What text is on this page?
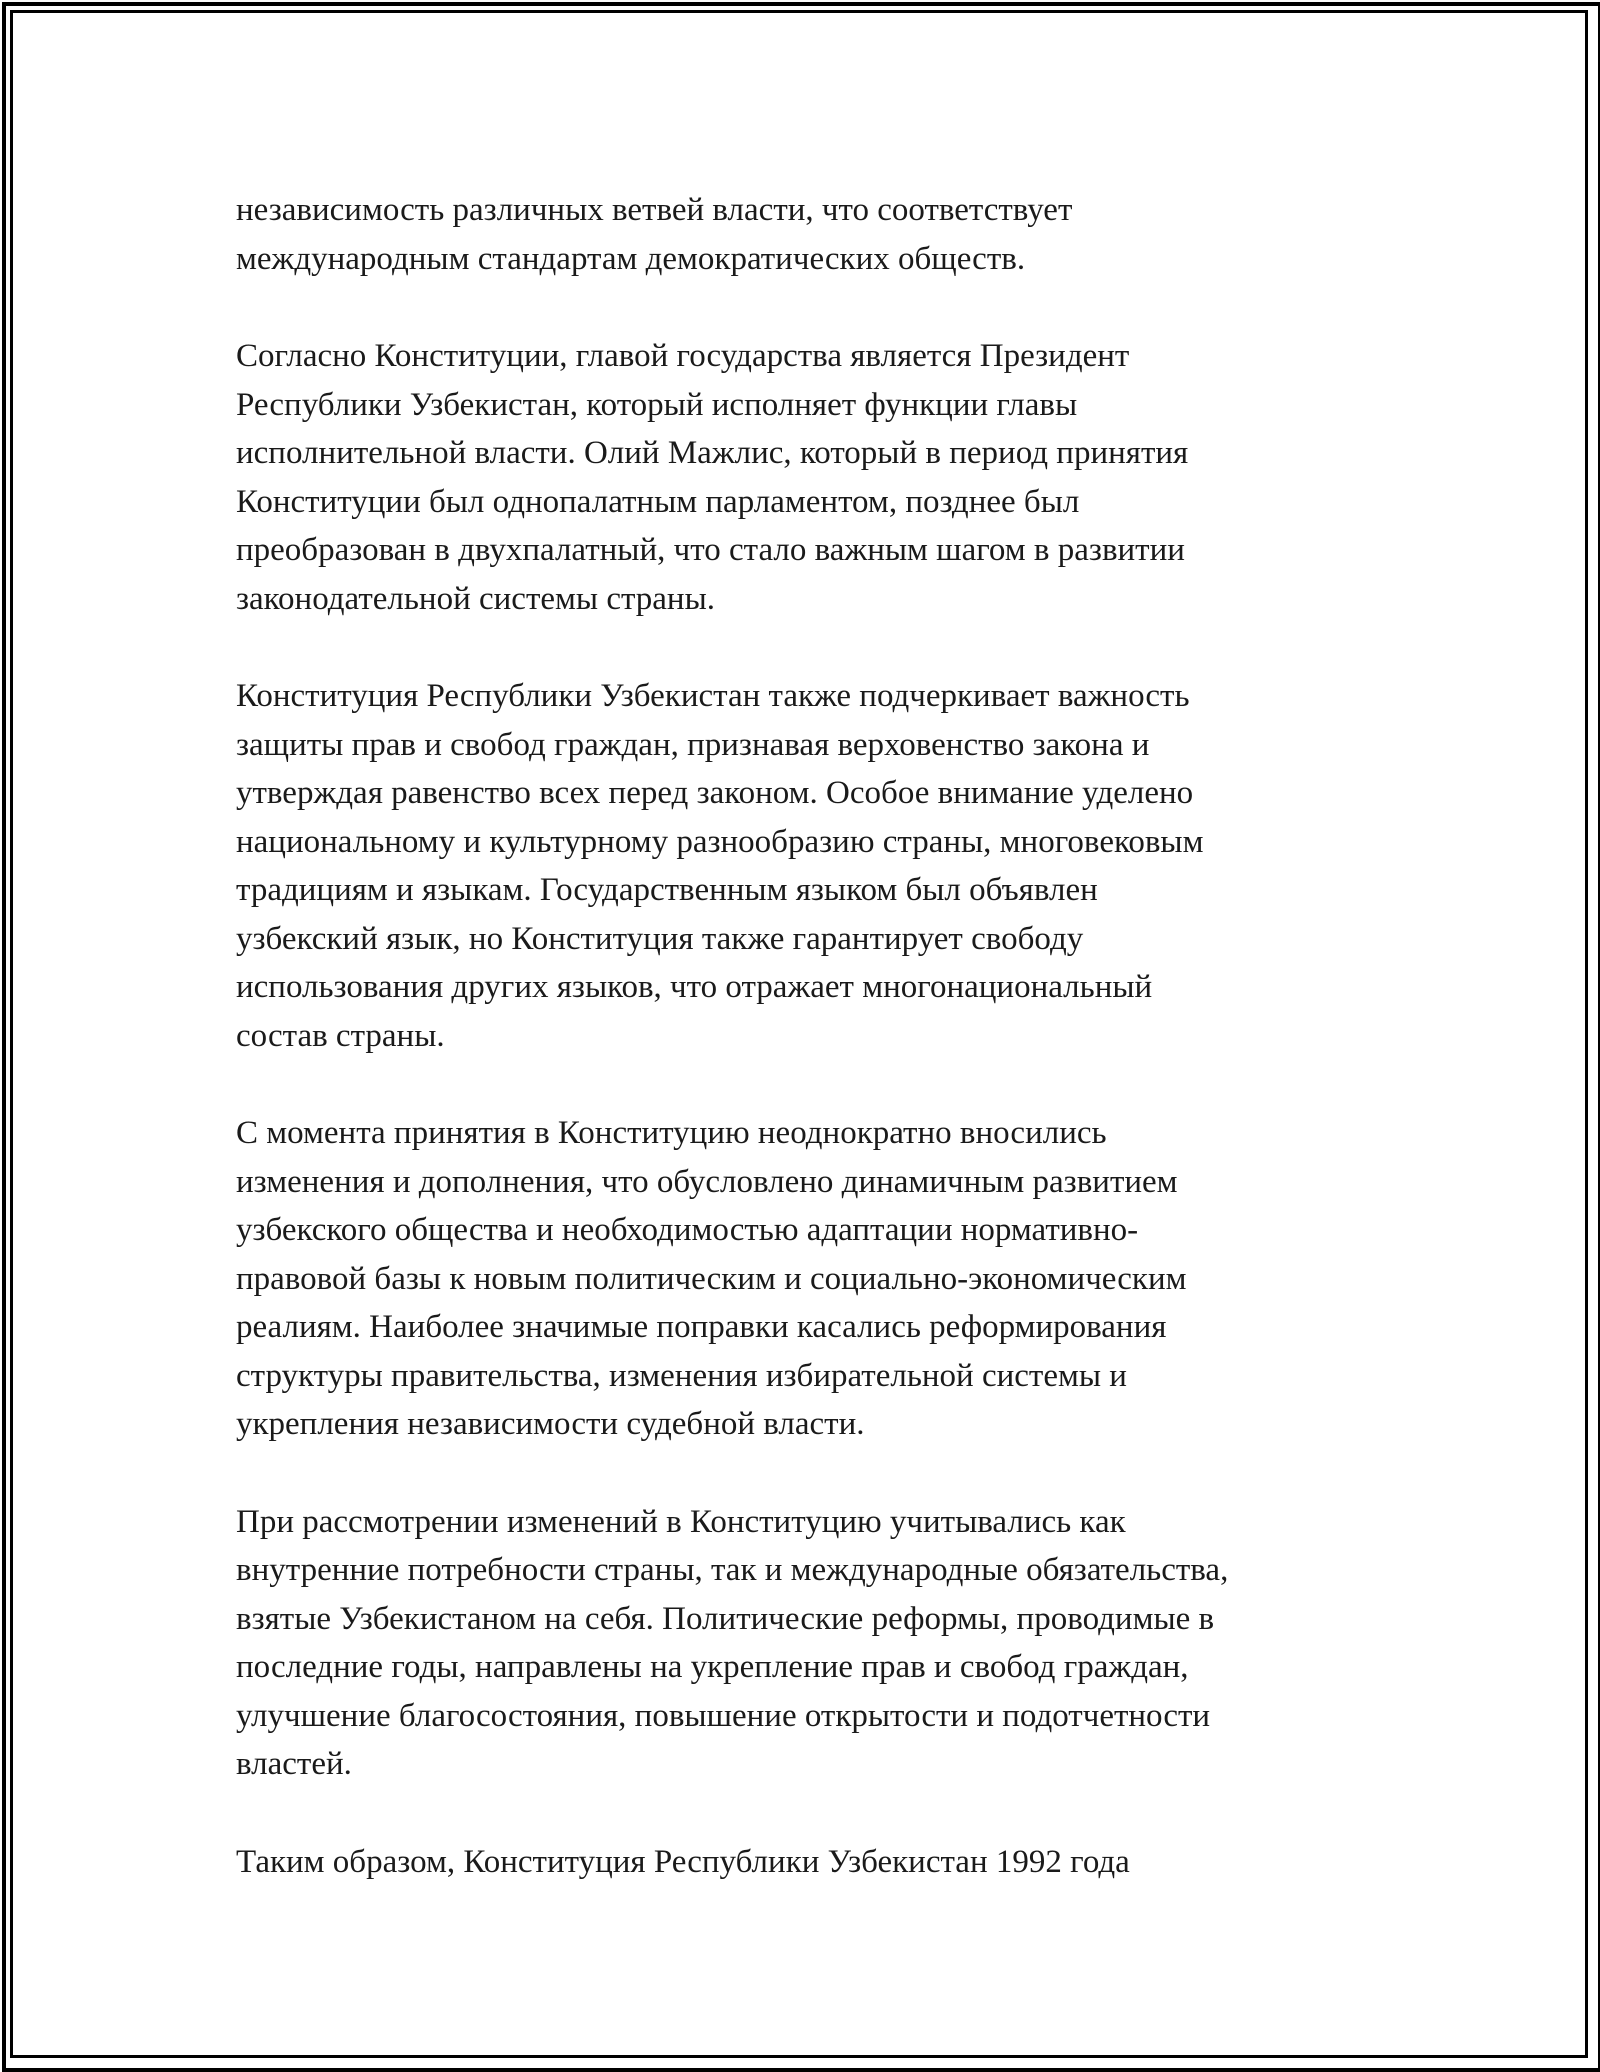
независимость различных ветвей власти, что соответствует
международным стандартам демократических обществ.

Согласно Конституции, главой государства является Президент
Республики Узбекистан, который исполняет функции главы
исполнительной власти. Олий Мажлис, который в период принятия
Конституции был однопалатным парламентом, позднее был
преобразован в двухпалатный, что стало важным шагом в развитии
законодательной системы страны.

Конституция Республики Узбекистан также подчеркивает важность
защиты прав и свобод граждан, признавая верховенство закона и
утверждая равенство всех перед законом. Особое внимание уделено
национальному и культурному разнообразию страны, многовековым
традициям и языкам. Государственным языком был объявлен
узбекский язык, но Конституция также гарантирует свободу
использования других языков, что отражает многонациональный
состав страны.

С момента принятия в Конституцию неоднократно вносились
изменения и дополнения, что обусловлено динамичным развитием
узбекского общества и необходимостью адаптации нормативно-
правовой базы к новым политическим и социально-экономическим
реалиям. Наиболее значимые поправки касались реформирования
структуры правительства, изменения избирательной системы и
укрепления независимости судебной власти.

При рассмотрении изменений в Конституцию учитывались как
внутренние потребности страны, так и международные обязательства,
взятые Узбекистаном на себя. Политические реформы, проводимые в
последние годы, направлены на укрепление прав и свобод граждан,
улучшение благосостояния, повышение открытости и подотчетности
властей.

Таким образом, Конституция Республики Узбекистан 1992 года
